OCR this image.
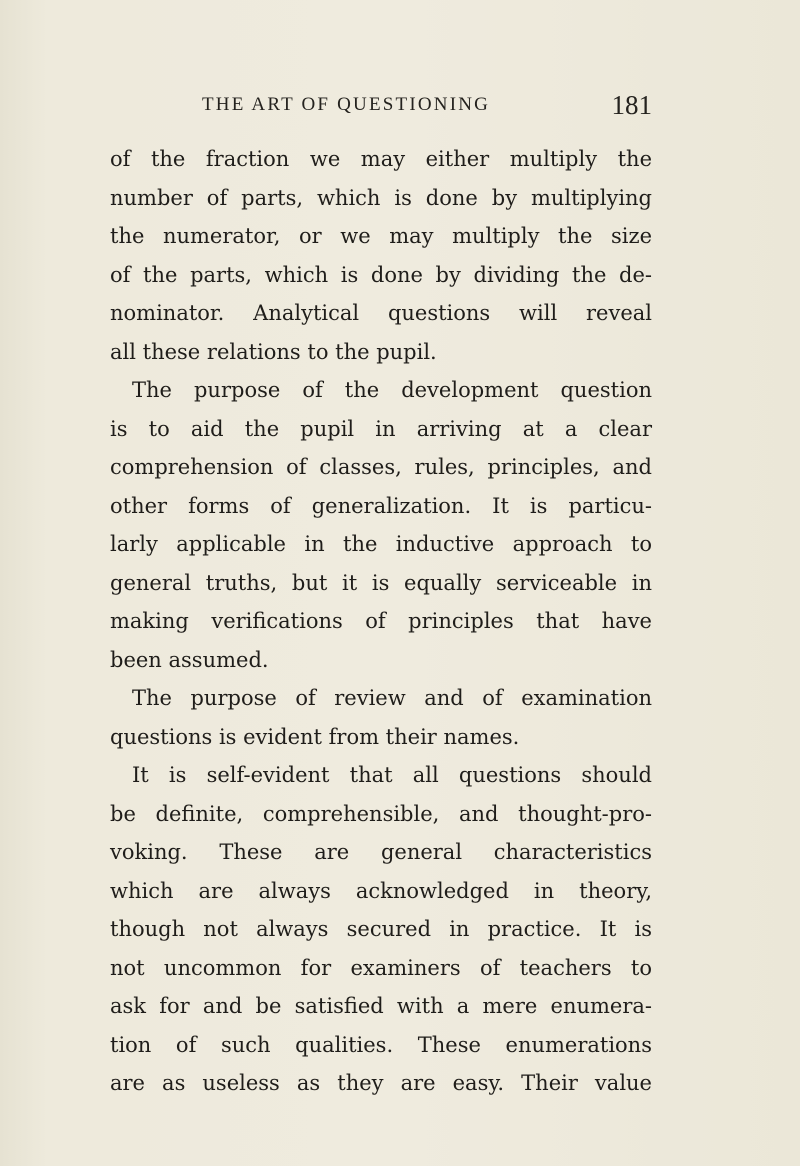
THE ART OF QUESTIONING	181
of the fraction we may either multiply the
number of parts, which is done by multiplying
the numerator, or we may multiply the size
of the parts, which is done by dividing the de-
nominator. Analytical questions will reveal
all these relations to the pupil.
The purpose of the development question
is to aid the pupil in arriving at a clear
comprehension of classes, rules, principles, and
other forms of generalization. It is particu-
larly applicable in the inductive approach to
general truths, but it is equally serviceable in
making verifications of principles that have
been assumed.
The purpose of review and of examination
questions is evident from their names.
It is self-evident that all questions should
be definite, comprehensible, and thought-pro-
voking. These are general characteristics
which are always acknowledged in theory,
though not always secured in practice. It is
not uncommon for examiners of teachers to
ask for and be satisfied with a mere enumera-
tion of such qualities. These enumerations
are as useless as they are easy. Their value
